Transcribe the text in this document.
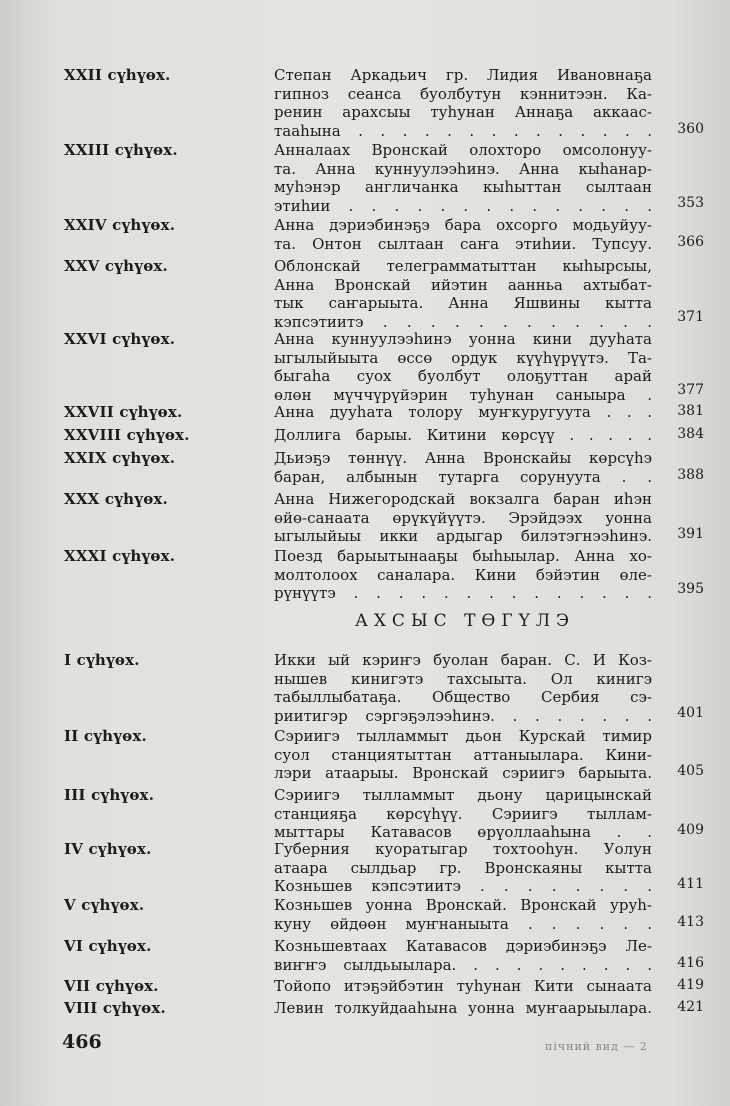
XXII сүһүөх.	Степан Аркадьич гр. Лидия Ивановнаҕа
гипноз сеанса буолбутун кэннитээн. Ка-
ренин арахсыы туһунан Аннаҕа аккаас-
тааһына . . . . . . . . . . . . . .	360
XXIII сүһүөх.	Анналаах Вронскай олохторо омсолонуу-
та. Анна куннуулээһинэ. Анна кыһанар-
муһэнэр англичанка кыһыттан сылтаан
этиһии . . . . . . . . . . . . . .	353
XXIV сүһүөх.	Анна дэриэбинэҕэ бара охсорго модьуйуу-
та. Онтон сылтаан саҥа этиһии. Тупсуу.	366
XXV сүһүөх.	Облонскай телеграмматыттан кыһырсыы,
Анна Вронскай ийэтин аанньа ахтыбат-
тык саҥарыыта. Анна Яшвины кытта
кэпсэтиитэ . . . . . . . . . . . .	371
XXVI сүһүөх.	Анна куннуулээһинэ уонна кини дууһата
ыгылыйыыта өссө ордук күүһүрүүтэ. Та-
быгаһа суох буолбут олоҕуттан арай
өлөн мүччүрүйэрин туһунан саныыра .	377
XXVII сүһүөх.	Анна дууһата толору муҥкуругуута . . .	381
XXVIII сүһүөх.	Доллига барыы. Китини көрсүү . . . . .	384
XXIX сүһүөх.	Дьиэҕэ төннүү. Анна Вронскайы көрсүһэ
баран, албынын тутарга сорунуута . .	388
XXX сүһүөх.	Анна Нижегородскай вокзалга баран иһэн
өйө-санаата өрүкүйүүтэ. Эрэйдээх уонна
ыгылыйыы икки ардыгар билэтэгнээһинэ.	391
XXXI сүһүөх.	Поезд барыытынааҕы быһыылар. Анна хо-
молтолоох саналара. Кини бэйэтин өле-
рүнүүтэ . . . . . . . . . . . . . .	395
АХСЫС ТӨГҮЛЭ
I сүһүөх.	Икки ый кэриҥэ буолан баран. С. И Коз-
нышев кинигэтэ тахсыыта. Ол кинигэ
табыллыбатаҕа. Общество Сербия сэ-
риитигэр сэргэҕэлээһинэ. . . . . . . .	401
II сүһүөх.	Сэриигэ тылламмыт дьон Курскай тимир
суол станциятыттан аттаныылара. Кини-
лэри атаарыы. Вронскай сэриигэ барыыта.	405
III сүһүөх.	Сэриигэ тылламмыт дьону царицынскай
станцияҕа көрсүһүү. Сэриигэ тыллам-
мыттары Катавасов өрүоллааһына . .	409
IV сүһүөх.	Губерния куоратыгар тохтооһун. Уолун
атаара сылдьар гр. Вронскаяны кытта
Козньшев кэпсэтиитэ . . . . . . . .	411
V сүһүөх.	Козньшев уонна Вронскай. Вронскай уруһ-
куну өйдөөн муҥнаныыта . . . . . .	413
VI сүһүөх.	Козньшевтаах Катавасов дэриэбинэҕэ Ле-
виҥҥэ сылдьыылара. . . . . . . . . .	416
VII сүһүөх.	Тойопо итэҕэйбэтин туһунан Кити сынаата	419
VIII сүһүөх.	Левин толкуйдааһына уонна муҥаарыылара.	421
466	пічний вид — 2
